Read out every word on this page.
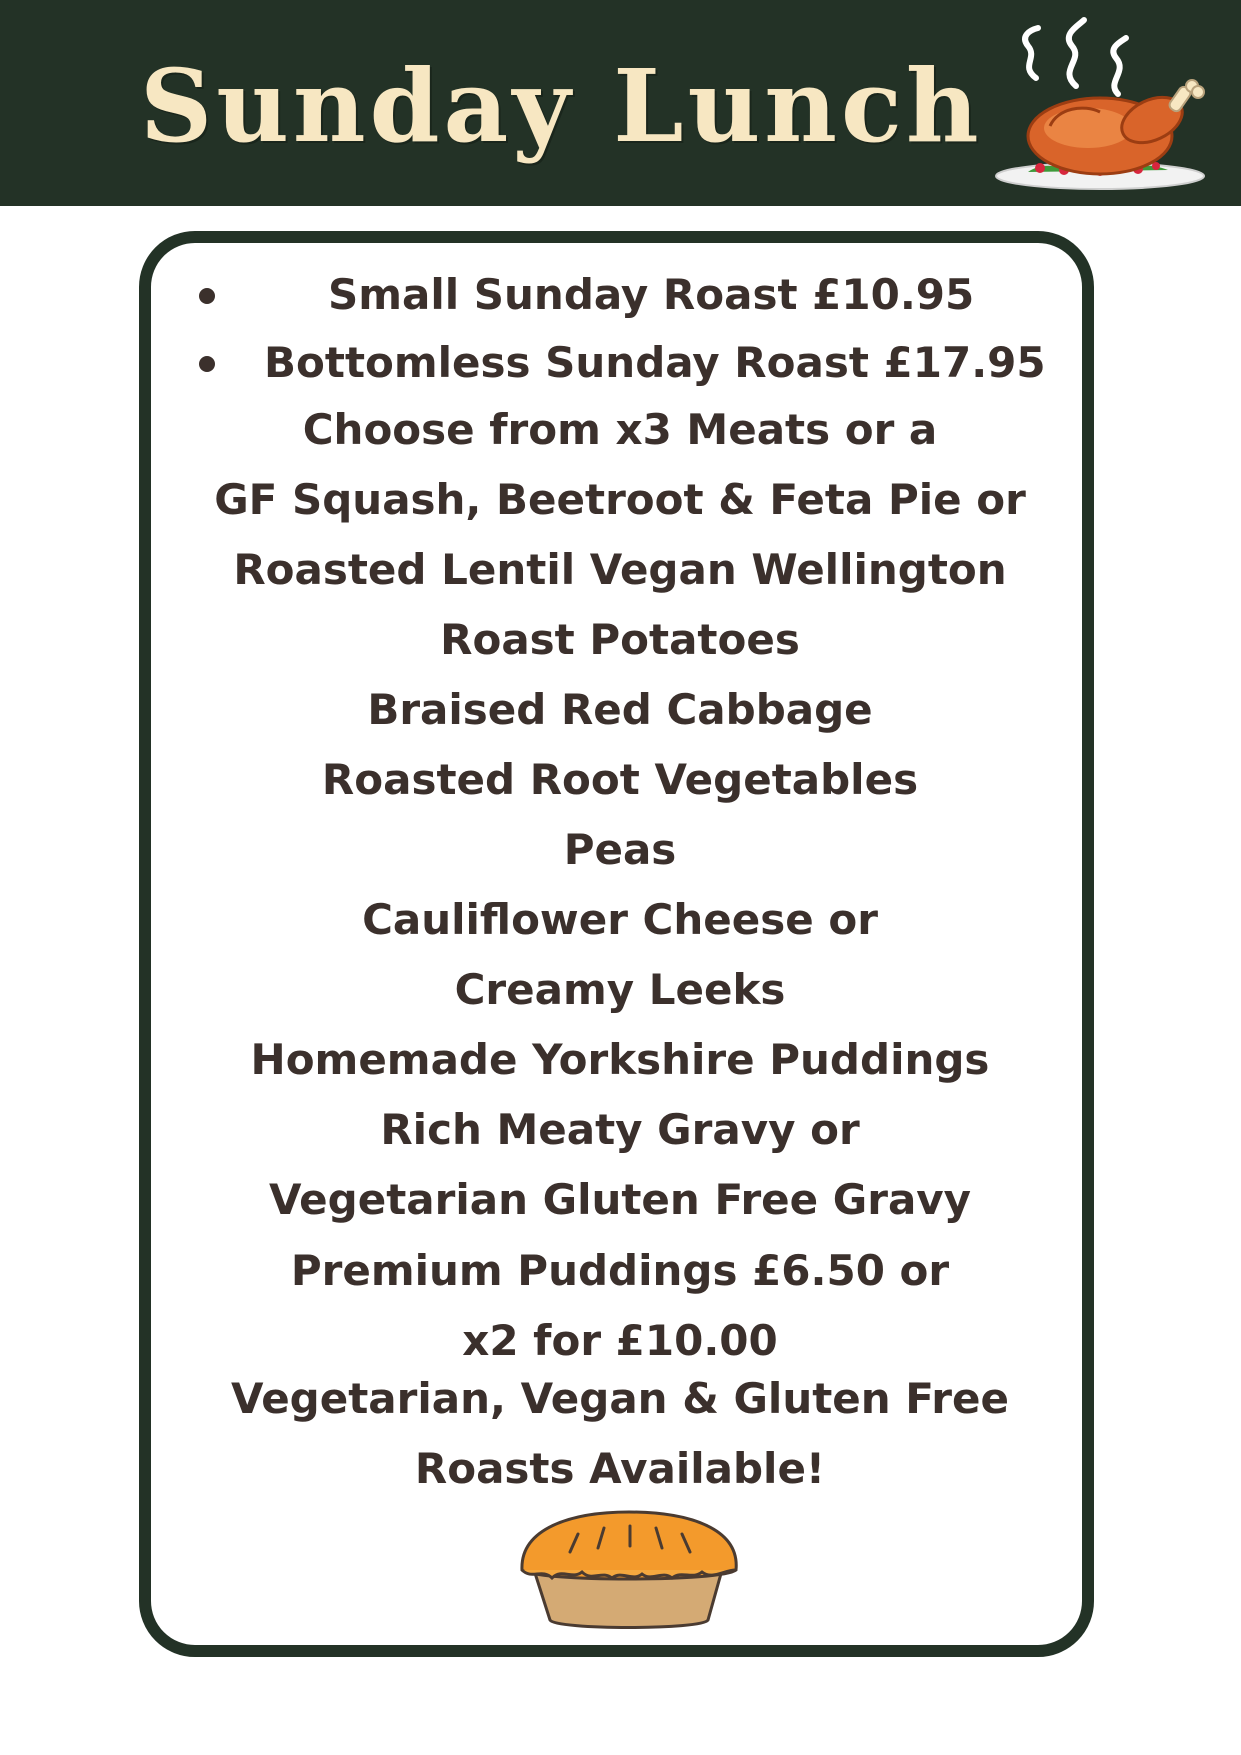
Sunday Lunch
Small Sunday Roast £10.95
Bottomless Sunday Roast £17.95
Choose from x3 Meats or a
GF Squash, Beetroot & Feta Pie or
Roasted Lentil Vegan Wellington
Roast Potatoes
Braised Red Cabbage
Roasted Root Vegetables
Peas
Cauliflower Cheese or
Creamy Leeks
Homemade Yorkshire Puddings
Rich Meaty Gravy or
Vegetarian Gluten Free Gravy
Premium Puddings £6.50 or
x2 for £10.00
Vegetarian, Vegan & Gluten Free
Roasts Available!
